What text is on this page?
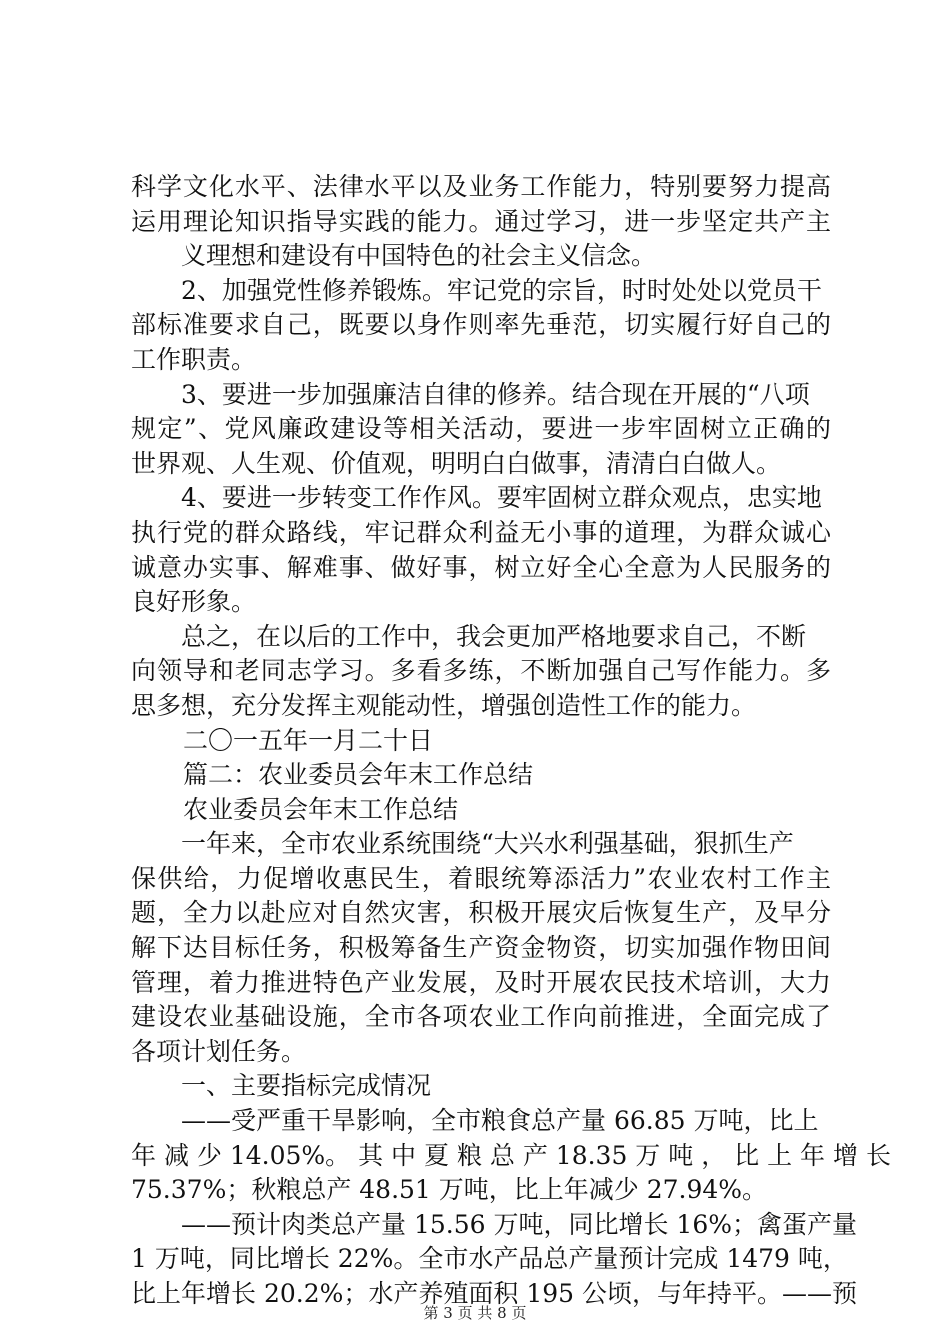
科学文化水平、法律水平以及业务工作能力，特别要努力提高
运用理论知识指导实践的能力。通过学习，进一步坚定共产主
义理想和建设有中国特色的社会主义信念。
2、加强党性修养锻炼。牢记党的宗旨，时时处处以党员干
部标准要求自己，既要以身作则率先垂范，切实履行好自己的
工作职责。
3、要进一步加强廉洁自律的修养。结合现在开展的“八项
规定”、党风廉政建设等相关活动，要进一步牢固树立正确的
世界观、人生观、价值观，明明白白做事，清清白白做人。
4、要进一步转变工作作风。要牢固树立群众观点，忠实地
执行党的群众路线，牢记群众利益无小事的道理，为群众诚心
诚意办实事、解难事、做好事，树立好全心全意为人民服务的
良好形象。
总之，在以后的工作中，我会更加严格地要求自己，不断
向领导和老同志学习。多看多练，不断加强自己写作能力。多
思多想，充分发挥主观能动性，增强创造性工作的能力。
二〇一五年一月二十日
篇二：农业委员会年末工作总结
农业委员会年末工作总结
一年来，全市农业系统围绕“大兴水利强基础，狠抓生产
保供给，力促增收惠民生，着眼统筹添活力”农业农村工作主
题，全力以赴应对自然灾害，积极开展灾后恢复生产，及早分
解下达目标任务，积极筹备生产资金物资，切实加强作物田间
管理，着力推进特色产业发展，及时开展农民技术培训，大力
建设农业基础设施，全市各项农业工作向前推进，全面完成了
各项计划任务。
一、主要指标完成情况
——受严重干旱影响，全市粮食总产量 66.85 万吨，比上
年 减 少 14.05%。 其 中 夏 粮 总 产 18.35 万 吨 ， 比 上 年 增 长
75.37%；秋粮总产 48.51 万吨，比上年减少 27.94%。
——预计肉类总产量 15.56 万吨，同比增长 16%；禽蛋产量
1 万吨，同比增长 22%。全市水产品总产量预计完成 1479 吨，
比上年增长 20.2%；水产养殖面积 195 公顷，与年持平。——预
第 3 页 共 8 页
